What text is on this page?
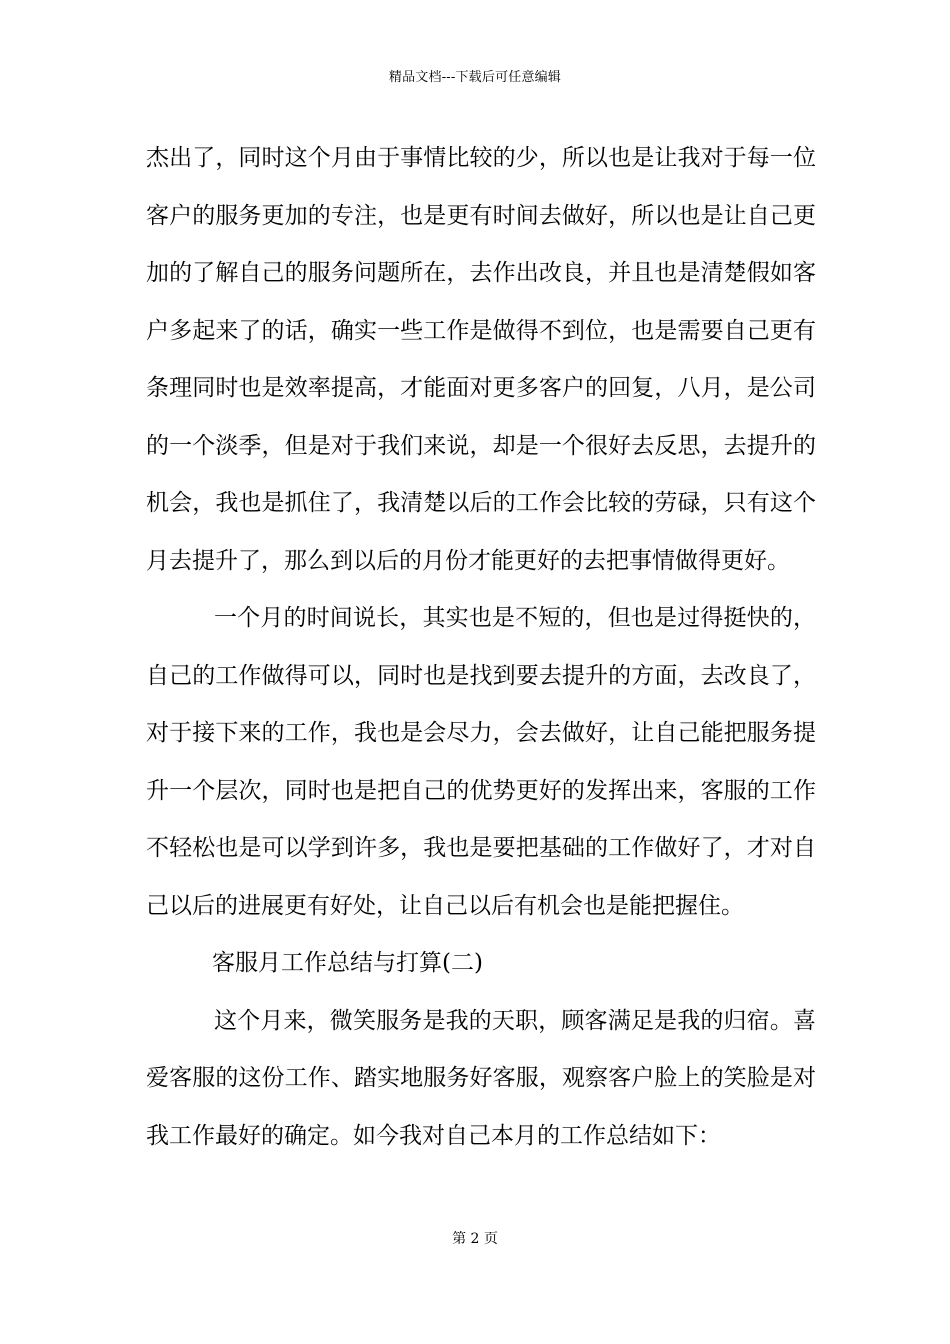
精品文档---下载后可任意编辑

杰出了，同时这个月由于事情比较的少，所以也是让我对于每一位客户的服务更加的专注，也是更有时间去做好，所以也是让自己更加的了解自己的服务问题所在，去作出改良，并且也是清楚假如客户多起来了的话，确实一些工作是做得不到位，也是需要自己更有条理同时也是效率提高，才能面对更多客户的回复，八月，是公司的一个淡季，但是对于我们来说，却是一个很好去反思，去提升的机会，我也是抓住了，我清楚以后的工作会比较的劳碌，只有这个月去提升了，那么到以后的月份才能更好的去把事情做得更好。

一个月的时间说长，其实也是不短的，但也是过得挺快的，自己的工作做得可以，同时也是找到要去提升的方面，去改良了，对于接下来的工作，我也是会尽力，会去做好，让自己能把服务提升一个层次，同时也是把自己的优势更好的发挥出来，客服的工作不轻松也是可以学到许多，我也是要把基础的工作做好了，才对自己以后的进展更有好处，让自己以后有机会也是能把握住。

客服月工作总结与打算(二)

这个月来，微笑服务是我的天职，顾客满足是我的归宿。喜爱客服的这份工作、踏实地服务好客服，观察客户脸上的笑脸是对我工作最好的确定。如今我对自己本月的工作总结如下：

第 2 页
